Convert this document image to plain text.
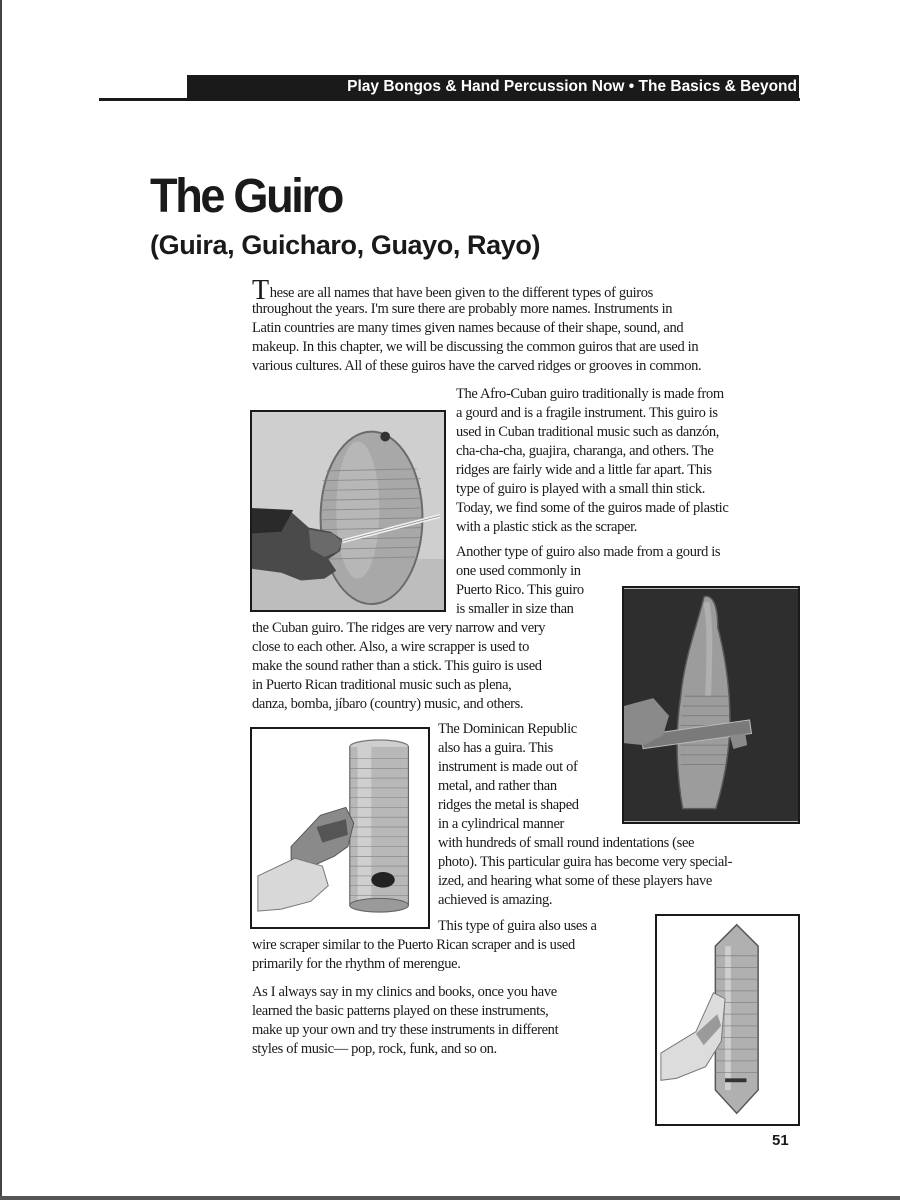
Play Bongos & Hand Percussion Now • The Basics & Beyond
The Guiro
(Guira, Guicharo, Guayo, Rayo)
These are all names that have been given to the different types of guiros
throughout the years. I'm sure there are probably more names. Instruments in
Latin countries are many times given names because of their shape, sound, and
makeup. In this chapter, we will be discussing the common guiros that are used in
various cultures. All of these guiros have the carved ridges or grooves in common.
The Afro-Cuban guiro traditionally is made from
a gourd and is a fragile instrument. This guiro is
used in Cuban traditional music such as danzón,
cha-cha-cha, guajira, charanga, and others. The
ridges are fairly wide and a little far apart. This
type of guiro is played with a small thin stick.
Today, we find some of the guiros made of plastic
with a plastic stick as the scraper.
Another type of guiro also made from a gourd is
one used commonly in
Puerto Rico. This guiro
is smaller in size than
the Cuban guiro. The ridges are very narrow and very
close to each other. Also, a wire scrapper is used to
make the sound rather than a stick. This guiro is used
in Puerto Rican traditional music such as plena,
danza, bomba, jíbaro (country) music, and others.
The Dominican Republic
also has a guira. This
instrument is made out of
metal, and rather than
ridges the metal is shaped
in a cylindrical manner
with hundreds of small round indentations (see
photo). This particular guira has become very special-
ized, and hearing what some of these players have
achieved is amazing.
This type of guira also uses a
wire scraper similar to the Puerto Rican scraper and is used
primarily for the rhythm of merengue.
As I always say in my clinics and books, once you have
learned the basic patterns played on these instruments,
make up your own and try these instruments in different
styles of music— pop, rock, funk, and so on.
51
